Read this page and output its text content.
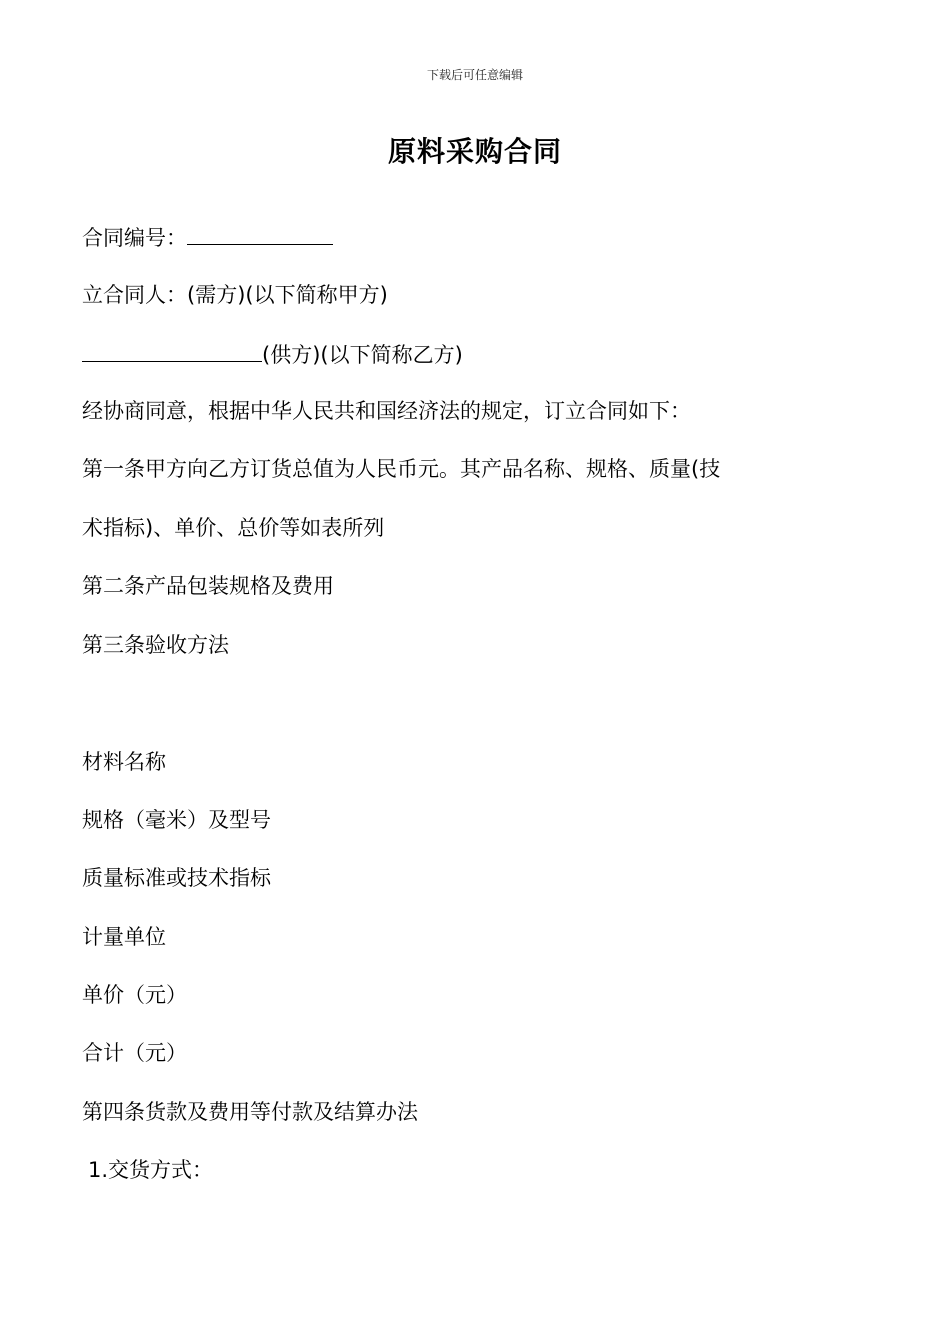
下载后可任意编辑
原料采购合同
合同编号：
立合同人：(需方)(以下简称甲方)
(供方)(以下简称乙方)
经协商同意，根据中华人民共和国经济法的规定，订立合同如下：
第一条甲方向乙方订货总值为人民币元。其产品名称、规格、质量(技
术指标)、单价、总价等如表所列
第二条产品包装规格及费用
第三条验收方法
材料名称
规格（毫米）及型号
质量标准或技术指标
计量单位
单价（元）
合计（元）
第四条货款及费用等付款及结算办法
1.交货方式：
